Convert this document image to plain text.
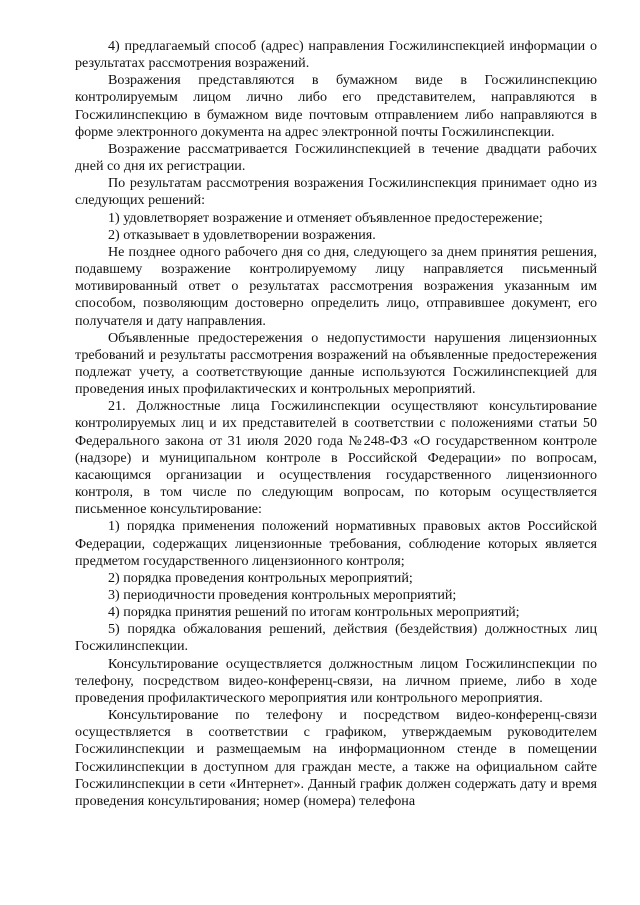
4) предлагаемый способ (адрес) направления Госжилинспекцией информации о результатах рассмотрения возражений.

Возражения представляются в бумажном виде в Госжилинспекцию контролируемым лицом лично либо его представителем, направляются в Госжилинспекцию в бумажном виде почтовым отправлением либо направляются в форме электронного документа на адрес электронной почты Госжилинспекции.

Возражение рассматривается Госжилинспекцией в течение двадцати рабочих дней со дня их регистрации.

По результатам рассмотрения возражения Госжилинспекция принимает одно из следующих решений:

1) удовлетворяет возражение и отменяет объявленное предостережение;

2) отказывает в удовлетворении возражения.

Не позднее одного рабочего дня со дня, следующего за днем принятия решения, подавшему возражение контролируемому лицу направляется письменный мотивированный ответ о результатах рассмотрения возражения указанным им способом, позволяющим достоверно определить лицо, отправившее документ, его получателя и дату направления.

Объявленные предостережения о недопустимости нарушения лицензионных требований и результаты рассмотрения возражений на объявленные предостережения подлежат учету, а соответствующие данные используются Госжилинспекцией для проведения иных профилактических и контрольных мероприятий.

21. Должностные лица Госжилинспекции осуществляют консультирование контролируемых лиц и их представителей в соответствии с положениями статьи 50 Федерального закона от 31 июля 2020 года №248-ФЗ «О государственном контроле (надзоре) и муниципальном контроле в Российской Федерации» по вопросам, касающимся организации и осуществления государственного лицензионного контроля, в том числе по следующим вопросам, по которым осуществляется письменное консультирование:

1) порядка применения положений нормативных правовых актов Российской Федерации, содержащих лицензионные требования, соблюдение которых является предметом государственного лицензионного контроля;

2) порядка проведения контрольных мероприятий;

3) периодичности проведения контрольных мероприятий;

4) порядка принятия решений по итогам контрольных мероприятий;

5) порядка обжалования решений, действия (бездействия) должностных лиц Госжилинспекции.

Консультирование осуществляется должностным лицом Госжилинспекции по телефону, посредством видео-конференц-связи, на личном приеме, либо в ходе проведения профилактического мероприятия или контрольного мероприятия.

Консультирование по телефону и посредством видео-конференц-связи осуществляется в соответствии с графиком, утверждаемым руководителем Госжилинспекции и размещаемым на информационном стенде в помещении Госжилинспекции в доступном для граждан месте, а также на официальном сайте Госжилинспекции в сети «Интернет». Данный график должен содержать дату и время проведения консультирования; номер (номера) телефона
